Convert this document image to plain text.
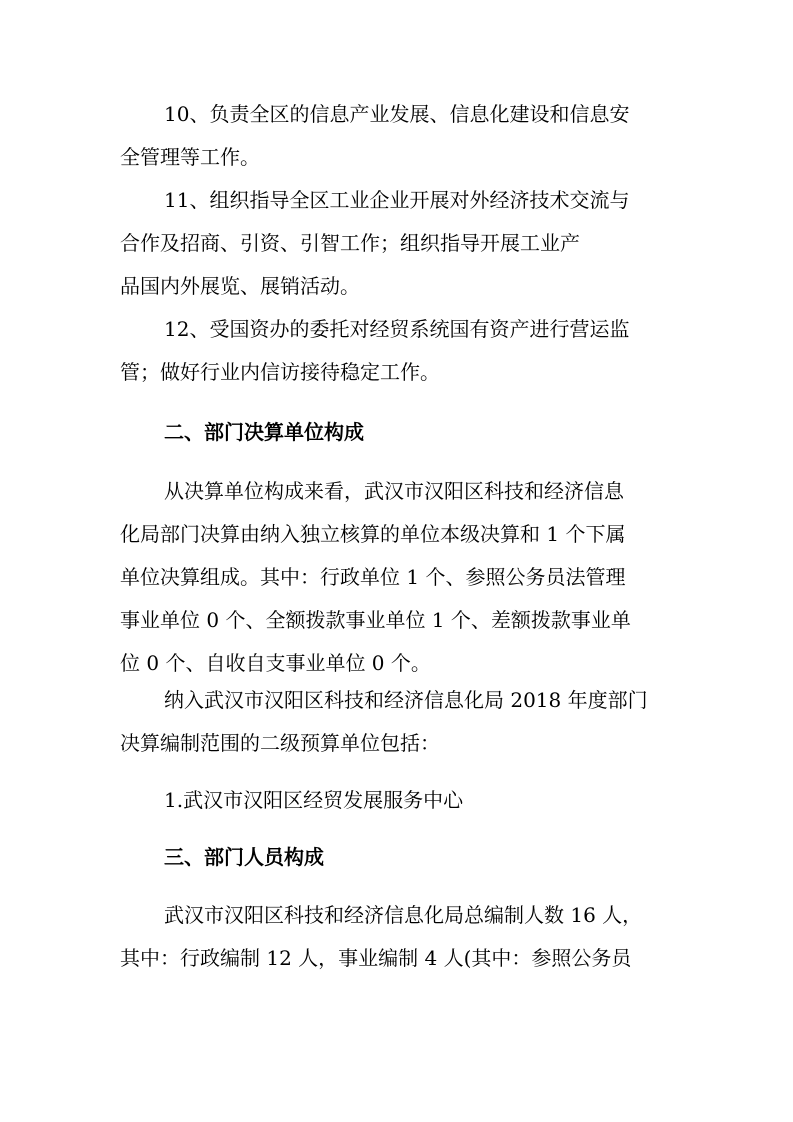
10、负责全区的信息产业发展、信息化建设和信息安
全管理等工作。
11、组织指导全区工业企业开展对外经济技术交流与
合作及招商、引资、引智工作；组织指导开展工业产
品国内外展览、展销活动。
12、受国资办的委托对经贸系统国有资产进行营运监
管；做好行业内信访接待稳定工作。
二、部门决算单位构成
从决算单位构成来看，武汉市汉阳区科技和经济信息
化局部门决算由纳入独立核算的单位本级决算和 1 个下属
单位决算组成。其中：行政单位 1 个、参照公务员法管理
事业单位 0 个、全额拨款事业单位 1 个、差额拨款事业单
位 0 个、自收自支事业单位 0 个。
纳入武汉市汉阳区科技和经济信息化局 2018 年度部门
决算编制范围的二级预算单位包括：
1.武汉市汉阳区经贸发展服务中心
三、部门人员构成
武汉市汉阳区科技和经济信息化局总编制人数 16 人，
其中：行政编制 12 人，事业编制 4 人(其中：参照公务员
